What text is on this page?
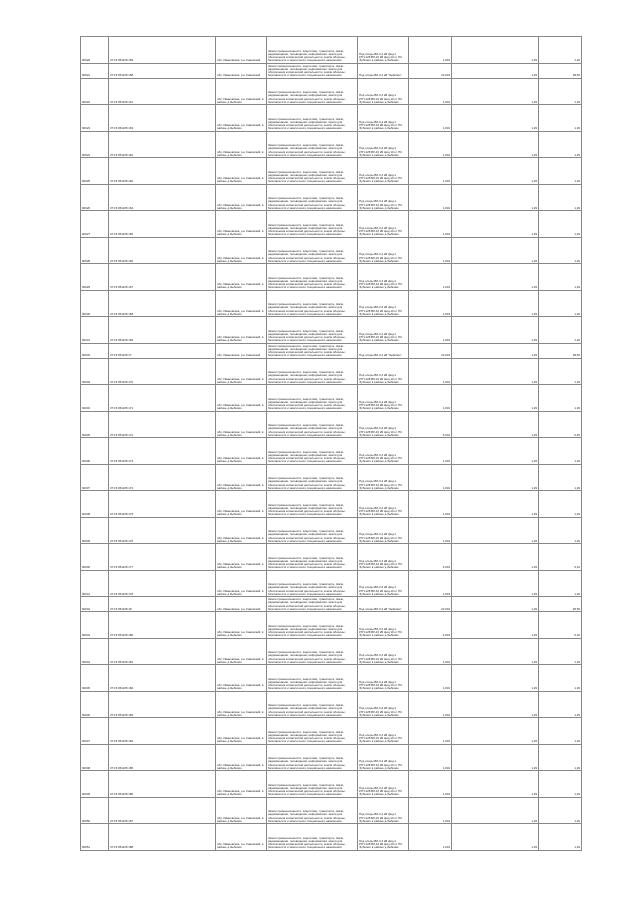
90029	37:15:051105:159	обл. Ивановская, р-н Савинский	Земли промышленности, энергетики, транспорта, связи, радиовещания, телевидения, информатики, земли для обеспечения космической деятельности, земли обороны, безопасности и земли иного специального назначения	Под опоры ВЛ-0,4 кВ фид.1 КТП-128 ВЛ-10 кВ фид.10 от ПС 'Зубково' в районе д.Зыбково	1,004	1,29	1,29
90021	37:15:051105:158	обл. Ивановская, р-н Савинский	Земли промышленности, энергетики, транспорта, связи, радиовещания, телевидения, информатики, земли для обеспечения космической деятельности, земли обороны, безопасности и земли иного специального назначения	Под опоры ВЛ-0,4 кВ "Зыбково"	22,004	1,29	28,50
90022	37:15:051105:161	обл. Ивановская, р-н Савинский, в районе д.Зыбково	Земли промышленности, энергетики, транспорта, связи, радиовещания, телевидения, информатики, земли для обеспечения космической деятельности, земли обороны, безопасности и земли иного специального назначения	Под опоры ВЛ-0,4 кВ фид.1 КТП-128 ВЛ-10 кВ фид.10 от ПС 'Зубково' в районе д.Зыбково	1,004	1,29	1,29
90023	37:15:051105:163	обл. Ивановская, р-н Савинский, в районе д.Зыбково	Земли промышленности, энергетики, транспорта, связи, радиовещания, телевидения, информатики, земли для обеспечения космической деятельности, земли обороны, безопасности и земли иного специального назначения	Под опоры ВЛ-0,4 кВ фид.1 КТП-128 ВЛ-10 кВ фид.10 от ПС 'Зубково' в районе д.Зыбково	1,004	1,29	1,29
90024	37:15:051105:162	обл. Ивановская, р-н Савинский, в районе д.Зыбково	Земли промышленности, энергетики, транспорта, связи, радиовещания, телевидения, информатики, земли для обеспечения космической деятельности, земли обороны, безопасности и земли иного специального назначения	Под опоры ВЛ-0,4 кВ фид.1 КТП-128 ВЛ-10 кВ фид.10 от ПС 'Зубково' в районе д.Зыбково	1,004	1,29	1,29
90025	37:15:051105:160	обл. Ивановская, р-н Савинский, в районе д.Зыбково	Земли промышленности, энергетики, транспорта, связи, радиовещания, телевидения, информатики, земли для обеспечения космической деятельности, земли обороны, безопасности и земли иного специального назначения	Под опоры ВЛ-0,4 кВ фид.1 КТП-128 ВЛ-10 кВ фид.10 от ПС 'Зубково' в районе д.Зыбково	1,004	1,29	1,29
90026	37:15:051105:164	обл. Ивановская, р-н Савинский, в районе д.Зыбково	Земли промышленности, энергетики, транспорта, связи, радиовещания, телевидения, информатики, земли для обеспечения космической деятельности, земли обороны, безопасности и земли иного специального назначения	Под опоры ВЛ-0,4 кВ фид.1 КТП-128 ВЛ-10 кВ фид.10 от ПС 'Зубково' в районе д.Зыбково	1,004	1,29	1,29
90027	37:15:051105:165	обл. Ивановская, р-н Савинский, в районе д.Зыбково	Земли промышленности, энергетики, транспорта, связи, радиовещания, телевидения, информатики, земли для обеспечения космической деятельности, земли обороны, безопасности и земли иного специального назначения	Под опоры ВЛ-0,4 кВ фид.1 КТП-128 ВЛ-10 кВ фид.10 от ПС 'Зубково' в районе д.Зыбково	1,004	1,29	1,29
90028	37:15:051105:166	обл. Ивановская, р-н Савинский, в районе д.Зыбково	Земли промышленности, энергетики, транспорта, связи, радиовещания, телевидения, информатики, земли для обеспечения космической деятельности, земли обороны, безопасности и земли иного специального назначения	Под опоры ВЛ-0,4 кВ фид.1 КТП-128 ВЛ-10 кВ фид.10 от ПС 'Зубково' в районе д.Зыбково	1,004	1,29	1,29
90029	37:15:051105:167	обл. Ивановская, р-н Савинский, в районе д.Зыбково	Земли промышленности, энергетики, транспорта, связи, радиовещания, телевидения, информатики, земли для обеспечения космической деятельности, земли обороны, безопасности и земли иного специального назначения	Под опоры ВЛ-0,4 кВ фид.1 КТП-128 ВЛ-10 кВ фид.10 от ПС 'Зубково' в районе д.Зыбково	1,004	1,29	1,29
90030	37:15:051105:168	обл. Ивановская, р-н Савинский, в районе д.Зыбково	Земли промышленности, энергетики, транспорта, связи, радиовещания, телевидения, информатики, земли для обеспечения космической деятельности, земли обороны, безопасности и земли иного специального назначения	Под опоры ВЛ-0,4 кВ фид.1 КТП-128 ВЛ-10 кВ фид.10 от ПС 'Зубково' в районе д.Зыбково	1,004	1,29	1,29
90031	37:15:051105:169	обл. Ивановская, р-н Савинский, в районе д.Зыбково	Земли промышленности, энергетики, транспорта, связи, радиовещания, телевидения, информатики, земли для обеспечения космической деятельности, земли обороны, безопасности и земли иного специального назначения	Под опоры ВЛ-0,4 кВ фид.1 КТП-128 ВЛ-10 кВ фид.10 от ПС 'Зубково' в районе д.Зыбково	1,004	1,29	1,29
90032	37:15:051105:17	обл. Ивановская, р-н Савинский	Земли промышленности, энергетики, транспорта, связи, радиовещания, телевидения, информатики, земли для обеспечения космической деятельности, земли обороны, безопасности и земли иного специального назначения	Под опоры ВЛ-0,4 кВ "Зыбково"	22,004	1,29	28,50
90033	37:15:051105:170	обл. Ивановская, р-н Савинский, в районе д.Зыбково	Земли промышленности, энергетики, транспорта, связи, радиовещания, телевидения, информатики, земли для обеспечения космической деятельности, земли обороны, безопасности и земли иного специального назначения	Под опоры ВЛ-0,4 кВ фид.1 КТП-128 ВЛ-10 кВ фид.10 от ПС 'Зубково' в районе д.Зыбково	1,004	1,29	1,29
90034	37:15:051105:171	обл. Ивановская, р-н Савинский, в районе д.Зыбково	Земли промышленности, энергетики, транспорта, связи, радиовещания, телевидения, информатики, земли для обеспечения космической деятельности, земли обороны, безопасности и земли иного специального назначения	Под опоры ВЛ-0,4 кВ фид.1 КТП-128 ВЛ-10 кВ фид.10 от ПС 'Зубково' в районе д.Зыбково	1,004	1,29	1,29
90035	37:15:051105:172	обл. Ивановская, р-н Савинский, в районе д.Зыбково	Земли промышленности, энергетики, транспорта, связи, радиовещания, телевидения, информатики, земли для обеспечения космической деятельности, земли обороны, безопасности и земли иного специального назначения	Под опоры ВЛ-0,4 кВ фид.1 КТП-128 ВЛ-10 кВ фид.10 от ПС 'Зубково' в районе д.Зыбково	5,004	1,29	6,45
90036	37:15:051105:173	обл. Ивановская, р-н Савинский, в районе д.Зыбково	Земли промышленности, энергетики, транспорта, связи, радиовещания, телевидения, информатики, земли для обеспечения космической деятельности, земли обороны, безопасности и земли иного специального назначения	Под опоры ВЛ-0,4 кВ фид.1 КТП-128 ВЛ-10 кВ фид.10 от ПС 'Зубково' в районе д.Зыбково	1,004	1,29	1,29
90037	37:15:051105:174	обл. Ивановская, р-н Савинский, в районе д.Зыбково	Земли промышленности, энергетики, транспорта, связи, радиовещания, телевидения, информатики, земли для обеспечения космической деятельности, земли обороны, безопасности и земли иного специального назначения	Под опоры ВЛ-0,4 кВ фид.1 КТП-128 ВЛ-10 кВ фид.10 от ПС 'Зубково' в районе д.Зыбково	1,004	1,29	1,29
90038	37:15:051105:175	обл. Ивановская, р-н Савинский, в районе д.Зыбково	Земли промышленности, энергетики, транспорта, связи, радиовещания, телевидения, информатики, земли для обеспечения космической деятельности, земли обороны, безопасности и земли иного специального назначения	Под опоры ВЛ-0,4 кВ фид.1 КТП-128 ВЛ-10 кВ фид.10 от ПС 'Зубково' в районе д.Зыбково	1,004	1,29	1,29
90039	37:15:051105:176	обл. Ивановская, р-н Савинский, в районе д.Зыбково	Земли промышленности, энергетики, транспорта, связи, радиовещания, телевидения, информатики, земли для обеспечения космической деятельности, земли обороны, безопасности и земли иного специального назначения	Под опоры ВЛ-0,4 кВ фид.1 КТП-128 ВЛ-10 кВ фид.10 от ПС 'Зубково' в районе д.Зыбково	1,004	1,29	1,29
90040	37:15:051105:177	обл. Ивановская, р-н Савинский, в районе д.Зыбково	Земли промышленности, энергетики, транспорта, связи, радиовещания, телевидения, информатики, земли для обеспечения космической деятельности, земли обороны, безопасности и земли иного специального назначения	Под опоры ВЛ-0,4 кВ фид.1 КТП-128 ВЛ-10 кВ фид.10 от ПС 'Зубково' в районе д.Зыбково	4,004	1,29	5,16
90041	37:15:051105:178	обл. Ивановская, р-н Савинский, в районе д.Зыбково	Земли промышленности, энергетики, транспорта, связи, радиовещания, телевидения, информатики, земли для обеспечения космической деятельности, земли обороны, безопасности и земли иного специального назначения	Под опоры ВЛ-0,4 кВ фид.1 КТП-128 ВЛ-10 кВ фид.10 от ПС 'Зубково' в районе д.Зыбково	1,004	1,29	1,29
90042	37:15:051105:18	обл. Ивановская, р-н Савинский	Земли промышленности, энергетики, транспорта, связи, радиовещания, телевидения, информатики, земли для обеспечения космической деятельности, земли обороны, безопасности и земли иного специального назначения	Под опоры ВЛ-0,4 кВ "Зыбково"	22,004	1,29	28,50
90043	37:15:051105:180	обл. Ивановская, р-н Савинский, в районе д.Зыбково	Земли промышленности, энергетики, транспорта, связи, радиовещания, телевидения, информатики, земли для обеспечения космической деятельности, земли обороны, безопасности и земли иного специального назначения	Под опоры ВЛ-0,4 кВ фид.1 КТП-128 ВЛ-10 кВ фид.10 от ПС 'Зубково' в районе д.Зыбково	4,004	1,29	5,16
90044	37:15:051105:181	обл. Ивановская, р-н Савинский, в районе д.Зыбково	Земли промышленности, энергетики, транспорта, связи, радиовещания, телевидения, информатики, земли для обеспечения космической деятельности, земли обороны, безопасности и земли иного специального назначения	Под опоры ВЛ-0,4 кВ фид.1 КТП-128 ВЛ-10 кВ фид.10 от ПС 'Зубково' в районе д.Зыбково	1,004	1,29	1,29
90045	37:15:051105:182	обл. Ивановская, р-н Савинский, в районе д.Зыбково	Земли промышленности, энергетики, транспорта, связи, радиовещания, телевидения, информатики, земли для обеспечения космической деятельности, земли обороны, безопасности и земли иного специального назначения	Под опоры ВЛ-0,4 кВ фид.1 КТП-128 ВЛ-10 кВ фид.10 от ПС 'Зубково' в районе д.Зыбково	1,004	1,29	1,29
90046	37:15:051105:183	обл. Ивановская, р-н Савинский, в районе д.Зыбково	Земли промышленности, энергетики, транспорта, связи, радиовещания, телевидения, информатики, земли для обеспечения космической деятельности, земли обороны, безопасности и земли иного специального назначения	Под опоры ВЛ-0,4 кВ фид.1 КТП-128 ВЛ-10 кВ фид.10 от ПС 'Зубково' в районе д.Зыбково	1,004	1,29	1,29
90047	37:15:051105:184	обл. Ивановская, р-н Савинский, в районе д.Зыбково	Земли промышленности, энергетики, транспорта, связи, радиовещания, телевидения, информатики, земли для обеспечения космической деятельности, земли обороны, безопасности и земли иного специального назначения	Под опоры ВЛ-0,4 кВ фид.1 КТП-128 ВЛ-10 кВ фид.10 от ПС 'Зубково' в районе д.Зыбково	1,004	1,29	1,29
90048	37:15:051105:185	обл. Ивановская, р-н Савинский, в районе д.Зыбково	Земли промышленности, энергетики, транспорта, связи, радиовещания, телевидения, информатики, земли для обеспечения космической деятельности, земли обороны, безопасности и земли иного специального назначения	Под опоры ВЛ-0,4 кВ фид.1 КТП-128 ВЛ-10 кВ фид.10 от ПС 'Зубково' в районе д.Зыбково	1,004	1,29	1,29
90049	37:15:051105:186	обл. Ивановская, р-н Савинский, в районе д.Зыбково	Земли промышленности, энергетики, транспорта, связи, радиовещания, телевидения, информатики, земли для обеспечения космической деятельности, земли обороны, безопасности и земли иного специального назначения	Под опоры ВЛ-0,4 кВ фид.1 КТП-128 ВЛ-10 кВ фид.10 от ПС 'Зубково' в районе д.Зыбково	1,004	1,29	1,29
90050	37:15:051105:187	обл. Ивановская, р-н Савинский, в районе д.Зыбково	Земли промышленности, энергетики, транспорта, связи, радиовещания, телевидения, информатики, земли для обеспечения космической деятельности, земли обороны, безопасности и земли иного специального назначения	Под опоры ВЛ-0,4 кВ фид.1 КТП-128 ВЛ-10 кВ фид.10 от ПС 'Зубково' в районе д.Зыбково	1,004	1,29	1,29
90051	37:15:051105:188	обл. Ивановская, р-н Савинский, в районе д.Зыбково	Земли промышленности, энергетики, транспорта, связи, радиовещания, телевидения, информатики, земли для обеспечения космической деятельности, земли обороны, безопасности и земли иного специального назначения	Под опоры ВЛ-0,4 кВ фид.1 КТП-128 ВЛ-10 кВ фид.10 от ПС 'Зубково' в районе д.Зыбково	1,004	1,29	1,29
